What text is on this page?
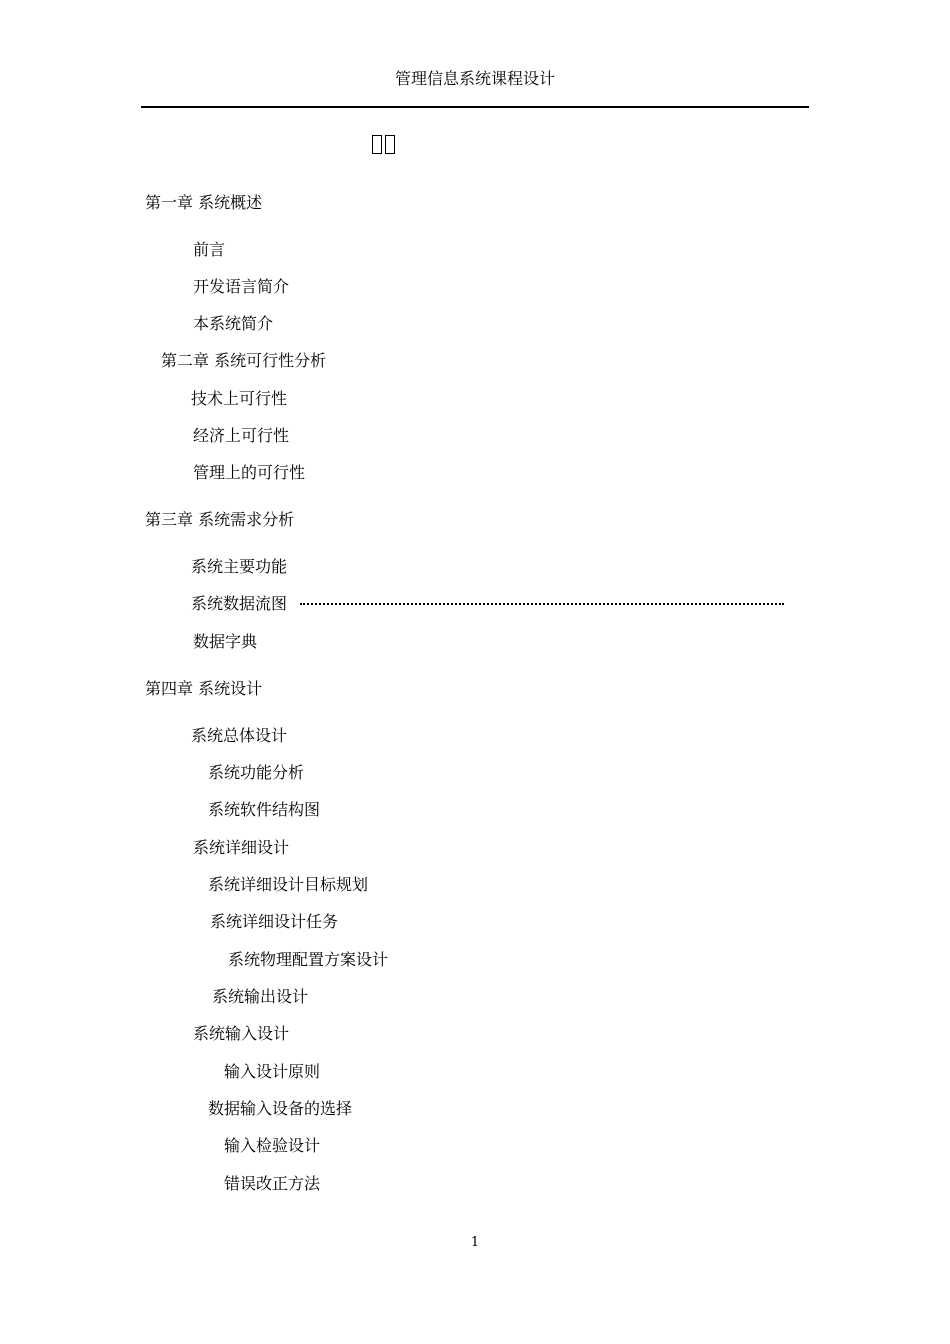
管理信息系统课程设计
第一章 系统概述
前言
开发语言简介
本系统简介
第二章 系统可行性分析
技术上可行性
经济上可行性
管理上的可行性
第三章 系统需求分析
系统主要功能
系统数据流图
数据字典
第四章 系统设计
系统总体设计
系统功能分析
系统软件结构图
系统详细设计
系统详细设计目标规划
系统详细设计任务
系统物理配置方案设计
系统输出设计
系统输入设计
输入设计原则
数据输入设备的选择
输入检验设计
错误改正方法
1
